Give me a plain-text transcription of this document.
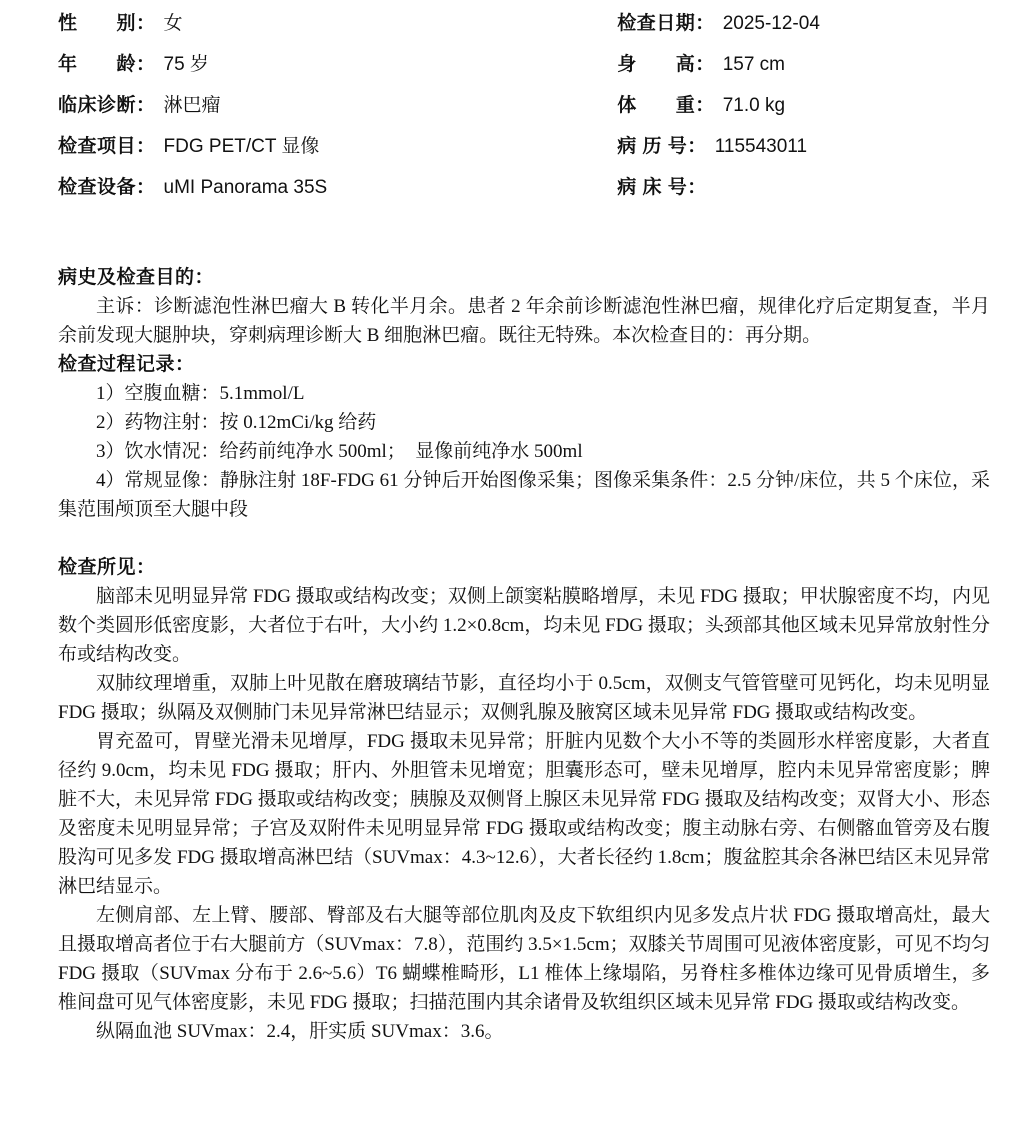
性　　别： 女
年　　龄： 75 岁
临床诊断： 淋巴瘤
检查项目： FDG PET/CT 显像
检查设备： uMI Panorama 35S
检查日期： 2025-12-04
身　　高： 157 cm
体　　重： 71.0 kg
病 历 号： 115543011
病 床 号：
病史及检查目的：

主诉：诊断滤泡性淋巴瘤大 B 转化半月余。患者 2 年余前诊断滤泡性淋巴瘤，规律化疗后定期复查，半月余前发现大腿肿块，穿刺病理诊断大 B 细胞淋巴瘤。既往无特殊。本次检查目的：再分期。

检查过程记录：

1）空腹血糖：5.1mmol/L

2）药物注射：按 0.12mCi/kg 给药

3）饮水情况：给药前纯净水 500ml；　显像前纯净水 500ml

4）常规显像：静脉注射 18F-FDG 61 分钟后开始图像采集；图像采集条件：2.5 分钟/床位，共 5 个床位，采集范围颅顶至大腿中段

检查所见：

脑部未见明显异常 FDG 摄取或结构改变；双侧上颌窦粘膜略增厚，未见 FDG 摄取；甲状腺密度不均，内见数个类圆形低密度影，大者位于右叶，大小约 1.2×0.8cm，均未见 FDG 摄取；头颈部其他区域未见异常放射性分布或结构改变。

双肺纹理增重，双肺上叶见散在磨玻璃结节影，直径均小于 0.5cm，双侧支气管管壁可见钙化，均未见明显 FDG 摄取；纵隔及双侧肺门未见异常淋巴结显示；双侧乳腺及腋窝区域未见异常 FDG 摄取或结构改变。

胃充盈可，胃壁光滑未见增厚，FDG 摄取未见异常；肝脏内见数个大小不等的类圆形水样密度影，大者直径约 9.0cm，均未见 FDG 摄取；肝内、外胆管未见增宽；胆囊形态可，壁未见增厚，腔内未见异常密度影；脾脏不大，未见异常 FDG 摄取或结构改变；胰腺及双侧肾上腺区未见异常 FDG 摄取及结构改变；双肾大小、形态及密度未见明显异常；子宫及双附件未见明显异常 FDG 摄取或结构改变；腹主动脉右旁、右侧髂血管旁及右腹股沟可见多发 FDG 摄取增高淋巴结（SUVmax：4.3~12.6），大者长径约 1.8cm；腹盆腔其余各淋巴结区未见异常淋巴结显示。

左侧肩部、左上臂、腰部、臀部及右大腿等部位肌肉及皮下软组织内见多发点片状 FDG 摄取增高灶，最大且摄取增高者位于右大腿前方（SUVmax：7.8），范围约 3.5×1.5cm；双膝关节周围可见液体密度影，可见不均匀 FDG 摄取（SUVmax 分布于 2.6~5.6）T6 蝴蝶椎畸形，L1 椎体上缘塌陷，另脊柱多椎体边缘可见骨质增生，多椎间盘可见气体密度影，未见 FDG 摄取；扫描范围内其余诸骨及软组织区域未见异常 FDG 摄取或结构改变。

纵隔血池 SUVmax：2.4，肝实质 SUVmax：3.6。
